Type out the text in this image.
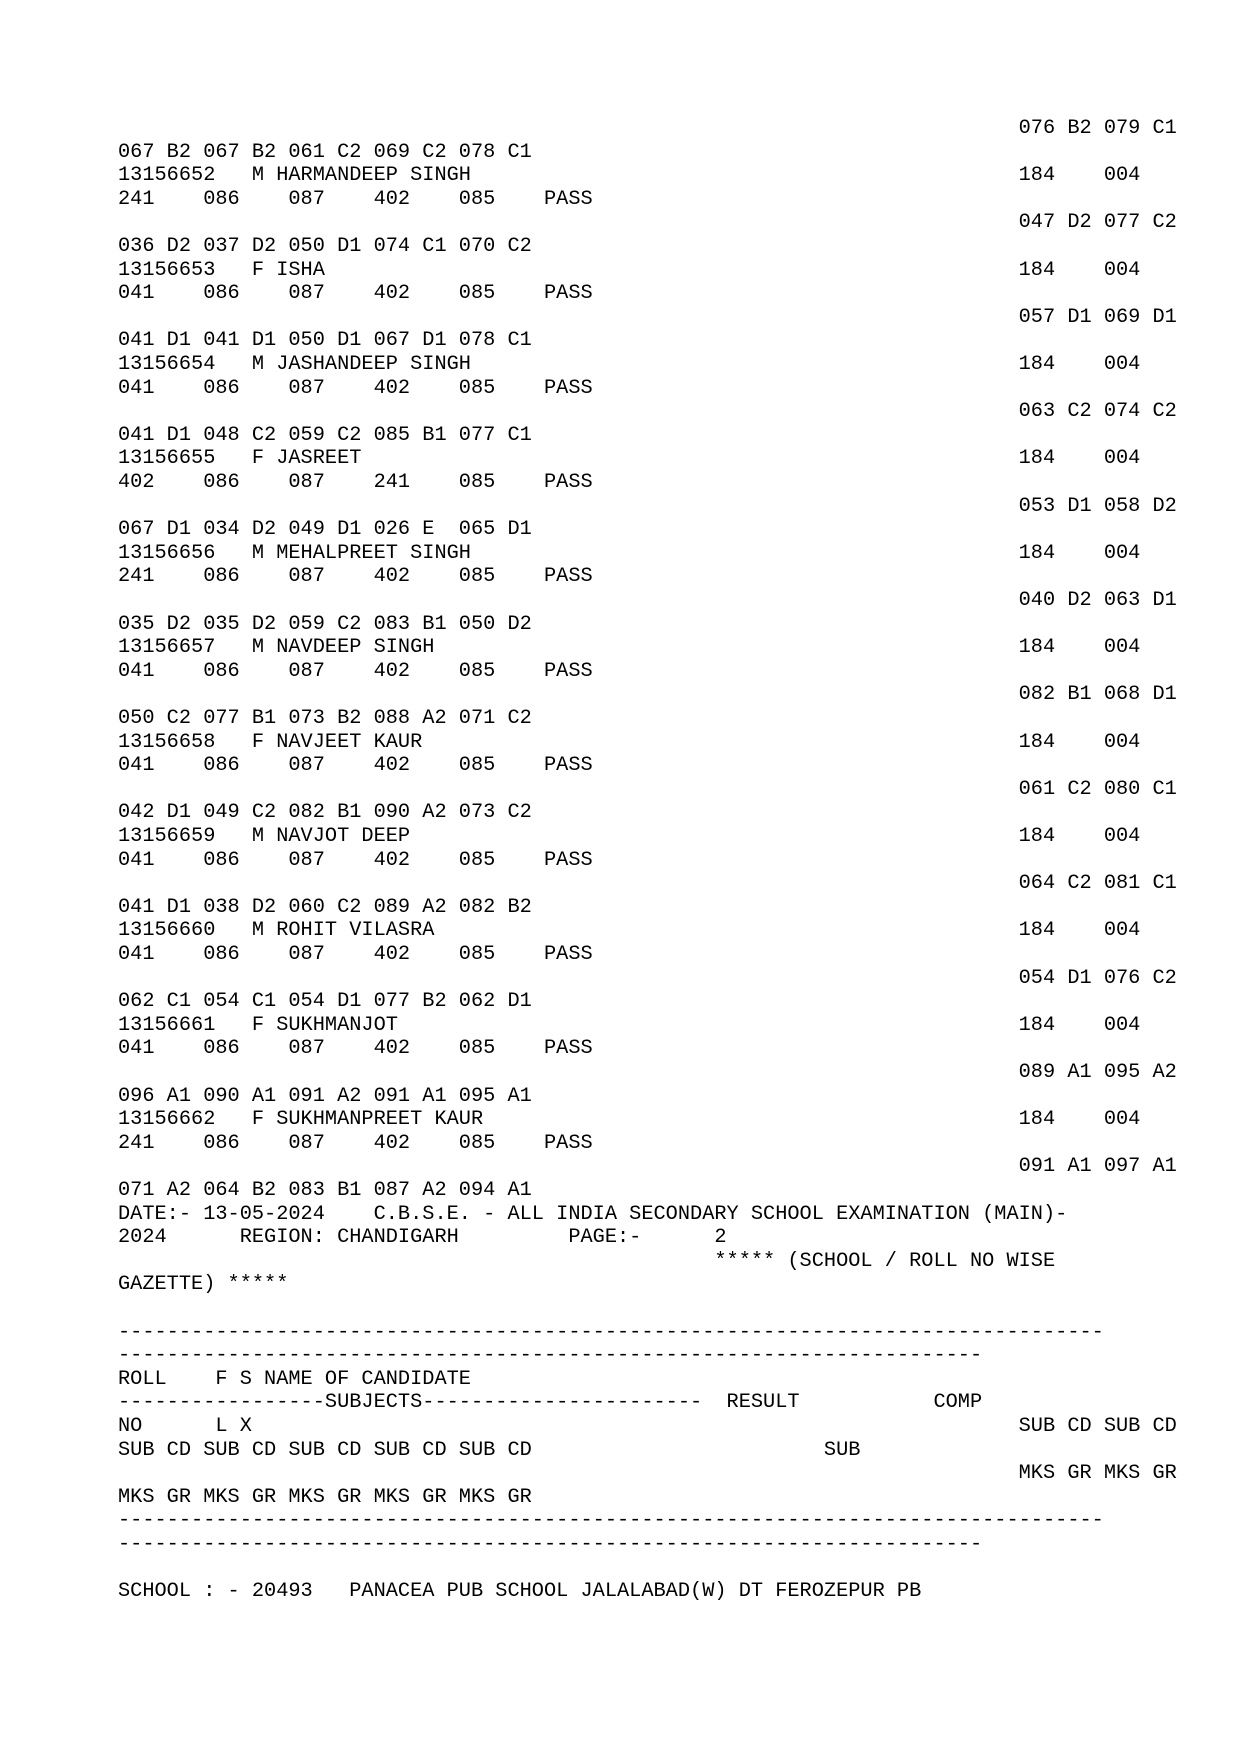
076 B2 079 C1
067 B2 067 B2 061 C2 069 C2 078 C1
13156652   M HARMANDEEP SINGH                                             184    004
241    086    087    402    085    PASS
047 D2 077 C2
036 D2 037 D2 050 D1 074 C1 070 C2
13156653   F ISHA                                                         184    004
041    086    087    402    085    PASS
057 D1 069 D1
041 D1 041 D1 050 D1 067 D1 078 C1
13156654   M JASHANDEEP SINGH                                             184    004
041    086    087    402    085    PASS
063 C2 074 C2
041 D1 048 C2 059 C2 085 B1 077 C1
13156655   F JASREET                                                      184    004
402    086    087    241    085    PASS
053 D1 058 D2
067 D1 034 D2 049 D1 026 E  065 D1
13156656   M MEHALPREET SINGH                                             184    004
241    086    087    402    085    PASS
040 D2 063 D1
035 D2 035 D2 059 C2 083 B1 050 D2
13156657   M NAVDEEP SINGH                                                184    004
041    086    087    402    085    PASS
082 B1 068 D1
050 C2 077 B1 073 B2 088 A2 071 C2
13156658   F NAVJEET KAUR                                                 184    004
041    086    087    402    085    PASS
061 C2 080 C1
042 D1 049 C2 082 B1 090 A2 073 C2
13156659   M NAVJOT DEEP                                                  184    004
041    086    087    402    085    PASS
064 C2 081 C1
041 D1 038 D2 060 C2 089 A2 082 B2
13156660   M ROHIT VILASRA                                                184    004
041    086    087    402    085    PASS
054 D1 076 C2
062 C1 054 C1 054 D1 077 B2 062 D1
13156661   F SUKHMANJOT                                                   184    004
041    086    087    402    085    PASS
089 A1 095 A2
096 A1 090 A1 091 A2 091 A1 095 A1
13156662   F SUKHMANPREET KAUR                                            184    004
241    086    087    402    085    PASS
091 A1 097 A1
071 A2 064 B2 083 B1 087 A2 094 A1
DATE:- 13-05-2024    C.B.S.E. - ALL INDIA SECONDARY SCHOOL EXAMINATION (MAIN)-
2024      REGION: CHANDIGARH         PAGE:-      2
***** (SCHOOL / ROLL NO WISE
GAZETTE) *****
---------------------------------------------------------------------------------
-----------------------------------------------------------------------
ROLL    F S NAME OF CANDIDATE
-----------------SUBJECTS-----------------------  RESULT           COMP
NO      L X                                                               SUB CD SUB CD
SUB CD SUB CD SUB CD SUB CD SUB CD                        SUB
MKS GR MKS GR
MKS GR MKS GR MKS GR MKS GR MKS GR
---------------------------------------------------------------------------------
-----------------------------------------------------------------------
SCHOOL : - 20493   PANACEA PUB SCHOOL JALALABAD(W) DT FEROZEPUR PB
